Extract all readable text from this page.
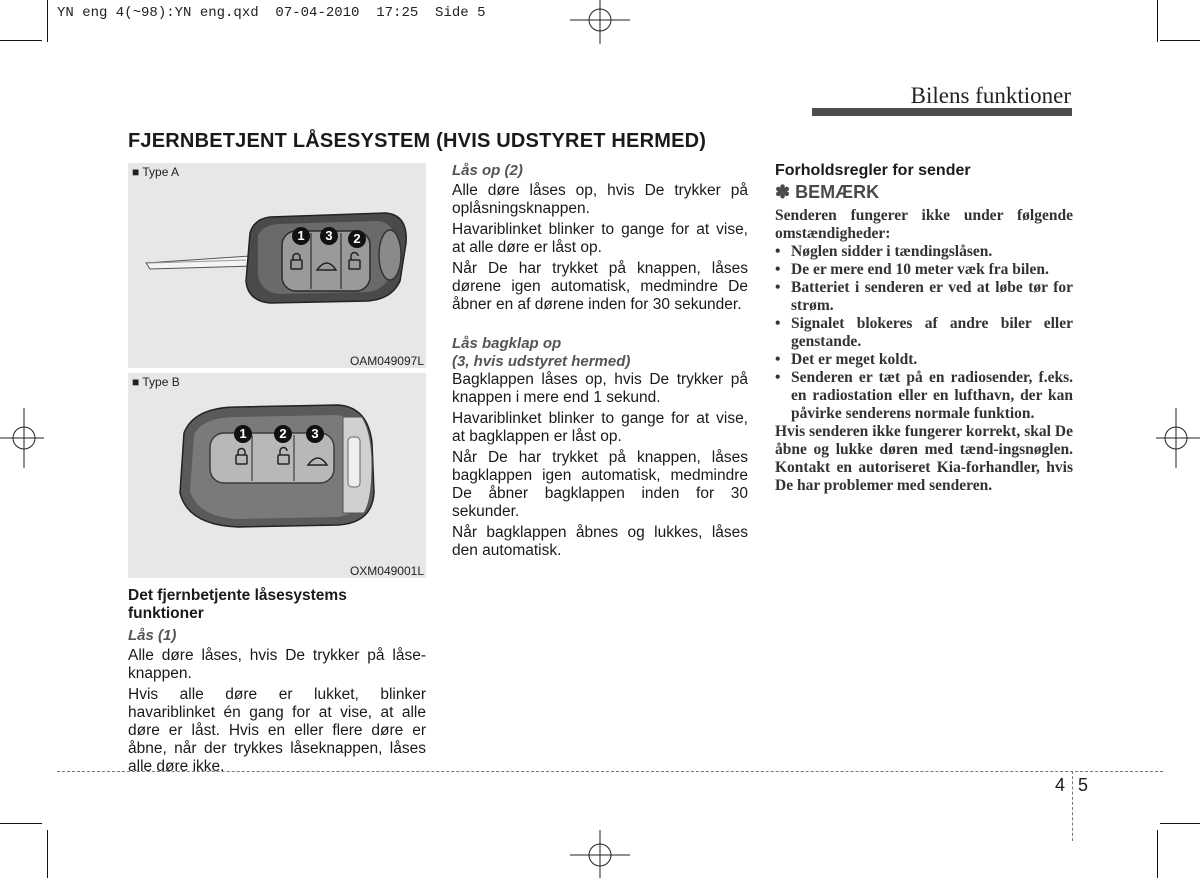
YN eng 4(~98):YN eng.qxd  07-04-2010  17:25  Side 5
Bilens funktioner
FJERNBETJENT LÅSESYSTEM (HVIS UDSTYRET HERMED)
■ Type A
1	3	2
OAM049097L
■ Type B
1	2	3
OXM049001L
Det fjernbetjente låsesystems funktioner
Lås (1)

Alle døre låses, hvis De trykker på låse-knappen.

Hvis alle døre er lukket, blinker havariblinket én gang for at vise, at alle døre er låst. Hvis en eller flere døre er åbne, når der trykkes låseknappen, låses alle døre ikke.

Lås op (2)

Alle døre låses op, hvis De trykker på oplåsningsknappen.

Havariblinket blinker to gange for at vise, at alle døre er låst op.

Når De har trykket på knappen, låses dørene igen automatisk, medmindre De åbner en af dørene inden for 30 sekunder.

Lås bagklap op
(3, hvis udstyret hermed)

Bagklappen låses op, hvis De trykker på knappen i mere end 1 sekund.

Havariblinket blinker to gange for at vise, at bagklappen er låst op.

Når De har trykket på knappen, låses bagklappen igen automatisk, medmindre De åbner bagklappen inden for 30 sekunder.

Når bagklappen åbnes og lukkes, låses den automatisk.

Forholdsregler for sender
✽ BEMÆRK

Senderen fungerer ikke under følgende omstændigheder:

• Nøglen sidder i tændingslåsen.
• De er mere end 10 meter væk fra bilen.
• Batteriet i senderen er ved at løbe tør for strøm.
• Signalet blokeres af andre biler eller genstande.
• Det er meget koldt.
• Senderen er tæt på en radiosender, f.eks. en radiostation eller en lufthavn, der kan påvirke senderens normale funktion.

Hvis senderen ikke fungerer korrekt, skal De åbne og lukke døren med tænd-ingsnøglen. Kontakt en autoriseret Kia-forhandler, hvis De har problemer med senderen.

4 5
